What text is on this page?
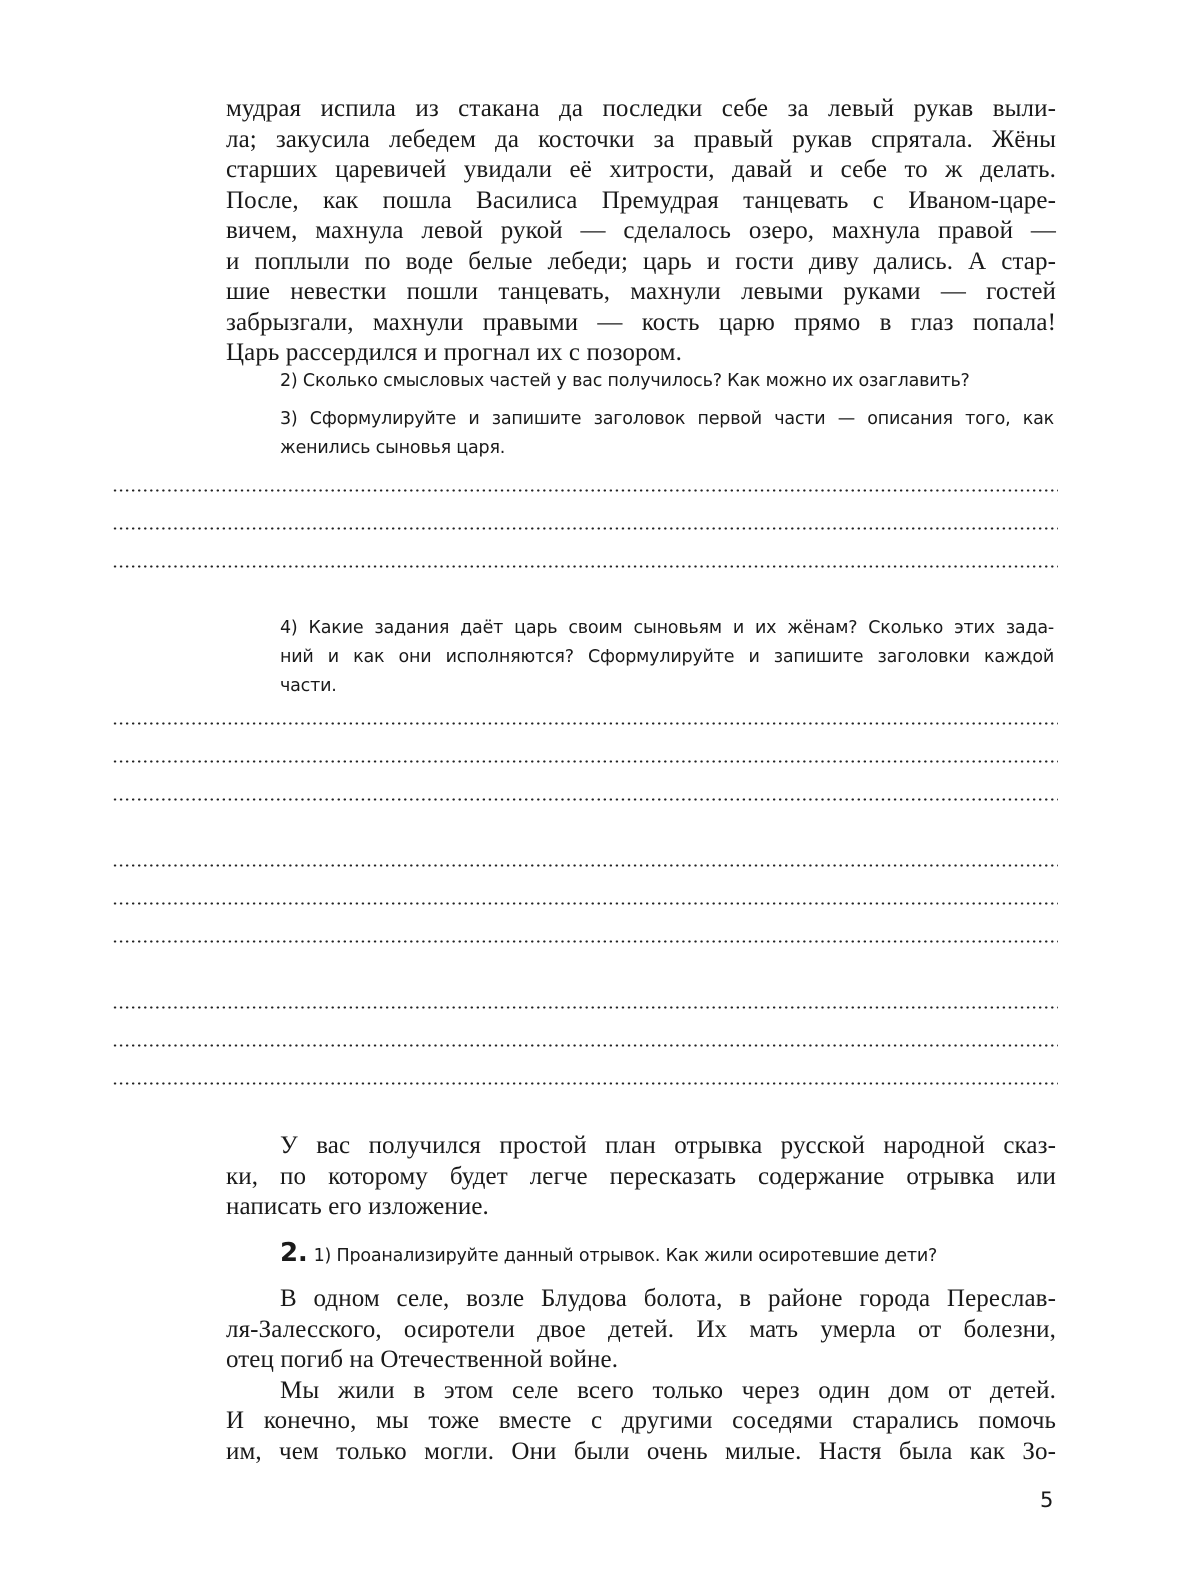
мудрая испила из стакана да последки себе за левый рукав выли-
ла; закусила лебедем да косточки за правый рукав спрятала. Жёны
старших царевичей увидали её хитрости, давай и себе то ж делать.
После, как пошла Василиса Премудрая танцевать с Иваном-царе-
вичем, махнула левой рукой — сделалось озеро, махнула правой —
и поплыли по воде белые лебеди; царь и гости диву дались. А стар-
шие невестки пошли танцевать, махнули левыми руками — гостей
забрызгали, махнули правыми — кость царю прямо в глаз попала!
Царь рассердился и прогнал их с позором.
2) Сколько смысловых частей у вас получилось? Как можно их озаглавить?
3) Сформулируйте и запишите заголовок первой части — описания того, как
женились сыновья царя.
4) Какие задания даёт царь своим сыновьям и их жёнам? Сколько этих зада-
ний и как они исполняются? Сформулируйте и запишите заголовки каждой
части.
У вас получился простой план отрывка русской народной сказ-
ки, по которому будет легче пересказать содержание отрывка или
написать его изложение.
2. 1) Проанализируйте данный отрывок. Как жили осиротевшие дети?
В одном селе, возле Блудова болота, в районе города Переслав-
ля-Залесского, осиротели двое детей. Их мать умерла от болезни,
отец погиб на Отечественной войне.
Мы жили в этом селе всего только через один дом от детей.
И конечно, мы тоже вместе с другими соседями старались помочь
им, чем только могли. Они были очень милые. Настя была как Зо-
5
